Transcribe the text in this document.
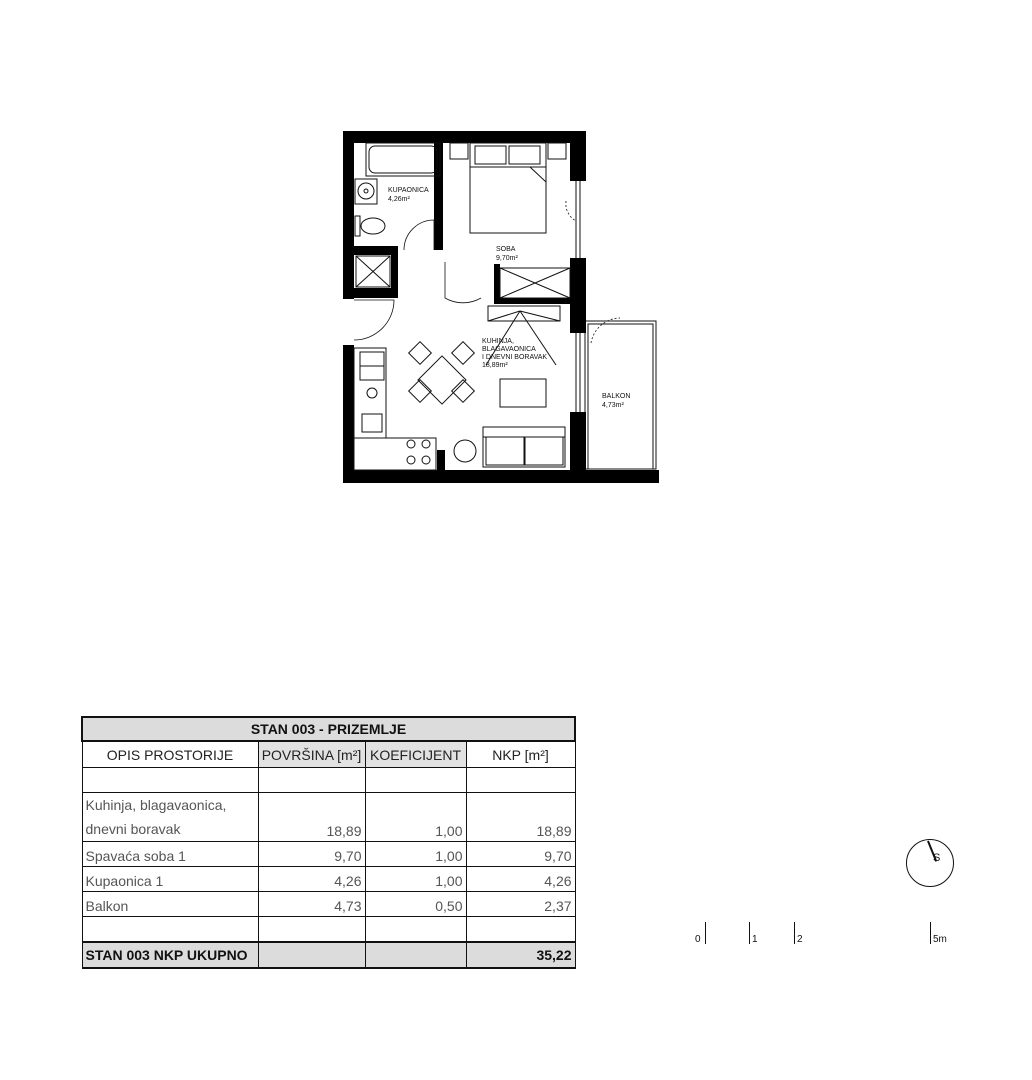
KUPAONICA 4,26m²
SOBA 9,70m²
KUHINJA, BLAGAVAONICA I DNEVNI BORAVAK 18,89m²
BALKON 4,73m²
STAN 003 - PRIZEMLJE			
OPIS PROSTORIJE	POVRŠINA [m²]	KOEFICIJENT	NKP [m²]

Kuhinja, blagavaonica,
dnevni boravak	18,89	1,00	18,89
Spavaća soba 1	9,70	1,00	9,70
Kupaonica 1	4,26	1,00	4,26
Balkon	4,73	0,50	2,37

STAN 003 NKP UKUPNO			35,22
0	1	2	5m
S
